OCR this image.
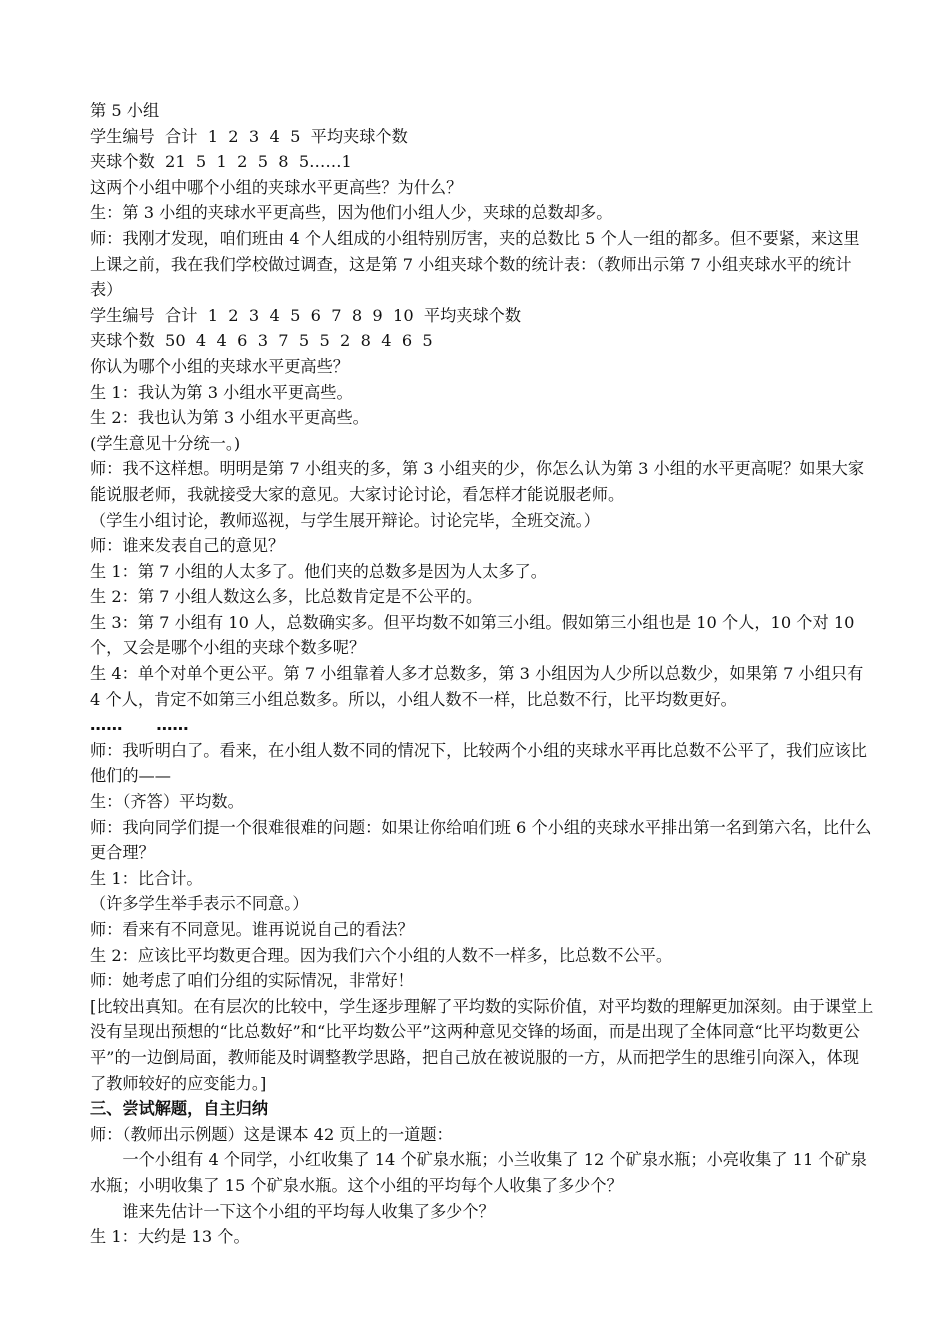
第 5 小组

学生编号  合计  1  2  3  4  5  平均夹球个数

夹球个数  21  5  1  2  5  8  5……1

这两个小组中哪个小组的夹球水平更高些？为什么？

生：第 3 小组的夹球水平更高些，因为他们小组人少，夹球的总数却多。

师：我刚才发现，咱们班由 4 个人组成的小组特别厉害，夹的总数比 5 个人一组的都多。但不要紧，来这里上课之前，我在我们学校做过调查，这是第 7 小组夹球个数的统计表：（教师出示第 7 小组夹球水平的统计表）

学生编号  合计  1  2  3  4  5  6  7  8  9  10  平均夹球个数

夹球个数  50  4  4  6  3  7  5  5  2  8  4  6  5

你认为哪个小组的夹球水平更高些？

生 1：我认为第 3 小组水平更高些。

生 2：我也认为第 3 小组水平更高些。

(学生意见十分统一。)

师：我不这样想。明明是第 7 小组夹的多，第 3 小组夹的少，你怎么认为第 3 小组的水平更高呢？如果大家能说服老师，我就接受大家的意见。大家讨论讨论，看怎样才能说服老师。

（学生小组讨论，教师巡视，与学生展开辩论。讨论完毕，全班交流。）

师：谁来发表自己的意见？

生 1：第 7 小组的人太多了。他们夹的总数多是因为人太多了。

生 2：第 7 小组人数这么多，比总数肯定是不公平的。

生 3：第 7 小组有 10 人，总数确实多。但平均数不如第三小组。假如第三小组也是 10 个人，10 个对 10 个，又会是哪个小组的夹球个数多呢？

生 4：单个对单个更公平。第 7 小组靠着人多才总数多，第 3 小组因为人少所以总数少，如果第 7 小组只有 4 个人，肯定不如第三小组总数多。所以，小组人数不一样，比总数不行，比平均数更好。

……      ……

师：我听明白了。看来，在小组人数不同的情况下，比较两个小组的夹球水平再比总数不公平了，我们应该比他们的——

生：（齐答）平均数。

师：我向同学们提一个很难很难的问题：如果让你给咱们班 6 个小组的夹球水平排出第一名到第六名，比什么更合理？

生 1：比合计。

（许多学生举手表示不同意。）

师：看来有不同意见。谁再说说自己的看法？

生 2：应该比平均数更合理。因为我们六个小组的人数不一样多，比总数不公平。

师：她考虑了咱们分组的实际情况，非常好！

[比较出真知。在有层次的比较中，学生逐步理解了平均数的实际价值，对平均数的理解更加深刻。由于课堂上没有呈现出预想的“比总数好”和“比平均数公平”这两种意见交锋的场面，而是出现了全体同意“比平均数更公平”的一边倒局面，教师能及时调整教学思路，把自己放在被说服的一方，从而把学生的思维引向深入，体现了教师较好的应变能力。]

三、尝试解题，自主归纳

师：（教师出示例题）这是课本 42 页上的一道题：

一个小组有 4 个同学，小红收集了 14 个矿泉水瓶；小兰收集了 12 个矿泉水瓶；小亮收集了 11 个矿泉水瓶；小明收集了 15 个矿泉水瓶。这个小组的平均每个人收集了多少个？

谁来先估计一下这个小组的平均每人收集了多少个？

生 1：大约是 13 个。
